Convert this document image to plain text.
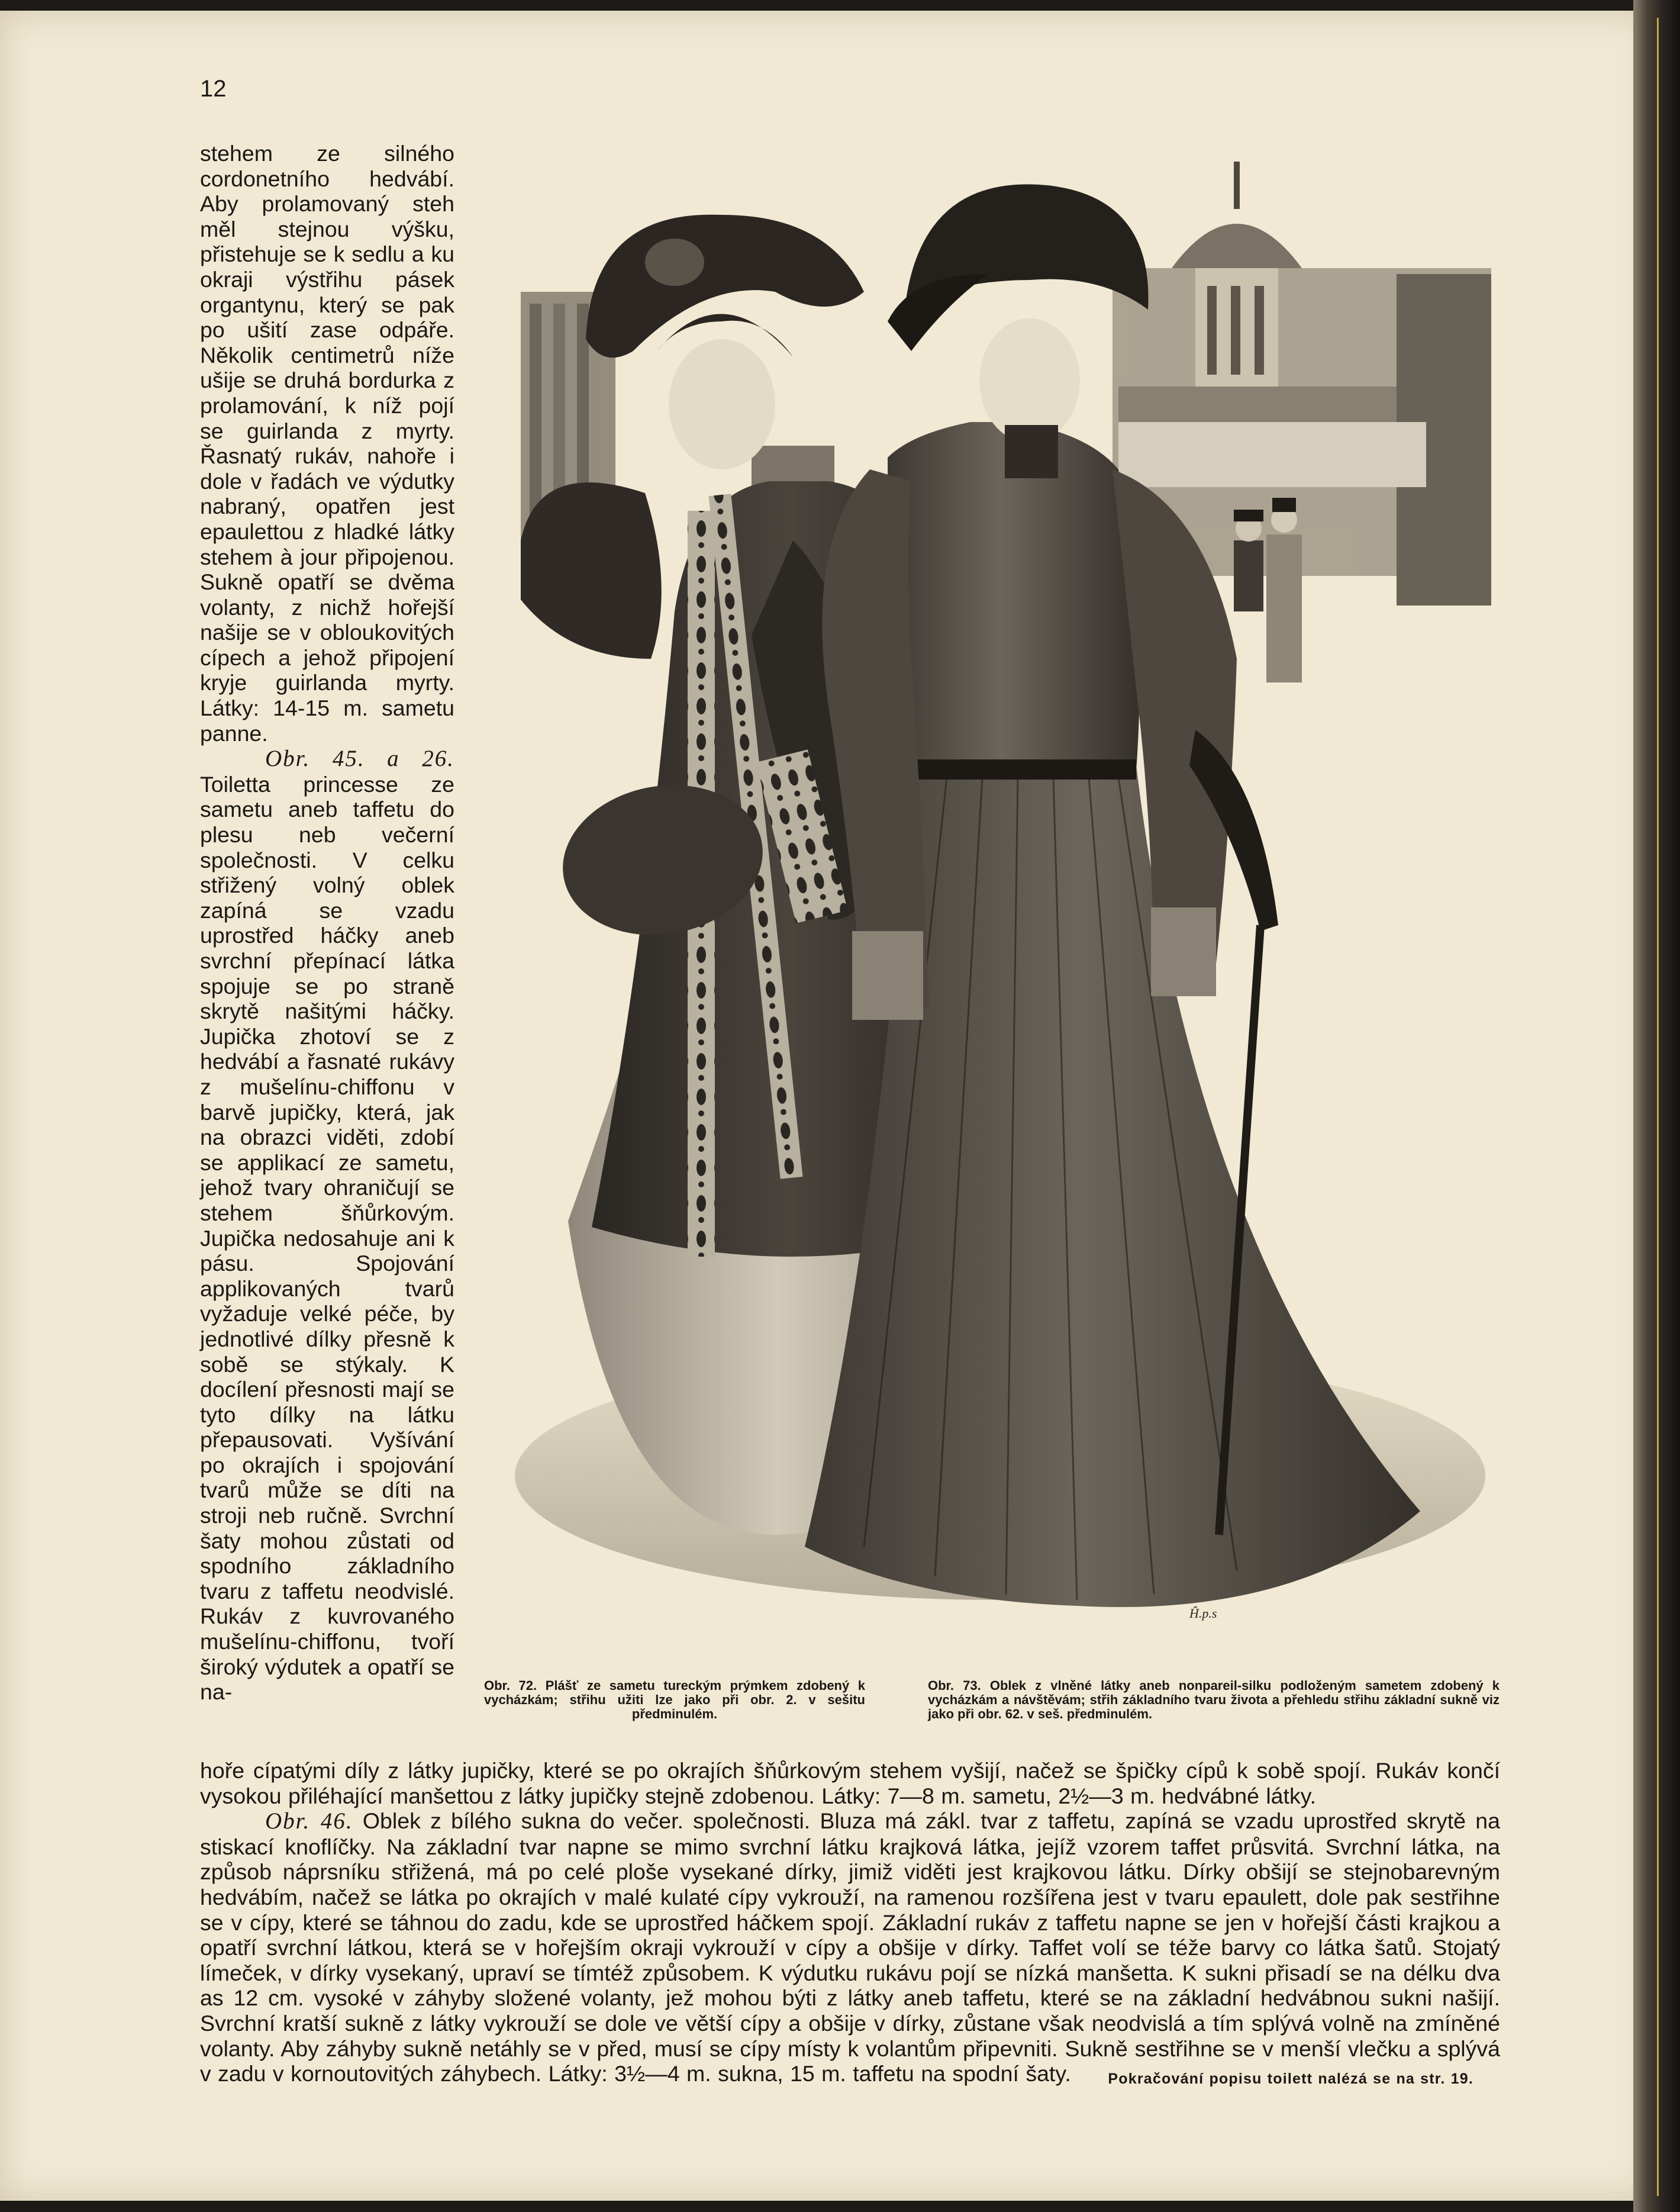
12

stehem ze silného cordonetního hedvábí. Aby prolamovaný steh měl stejnou výšku, přistehuje se k sedlu a ku okraji výstřihu pásek organtynu, který se pak po ušití zase odpáře. Několik centimetrů níže ušije se druhá bordurka z prolamování, k níž pojí se guirlanda z myrty. Řasnatý rukáv, nahoře i dole v řadách ve výdutky nabraný, opatřen jest epaulettou z hladké látky stehem à jour připojenou. Sukně opatří se dvěma volanty, z nichž hořejší našije se v obloukovitých cípech a jehož připojení kryje guirlanda myrty. Látky: 14-15 m. sametu panne.

Obr. 45. a 26. Toiletta princesse ze sametu aneb taffetu do plesu neb večerní společnosti. V celku střižený volný oblek zapíná se vzadu uprostřed háčky aneb svrchní přepínací látka spojuje se po straně skrytě našitými háčky. Jupička zhotoví se z hedvábí a řasnaté rukávy z mušelínu-chiffonu v barvě jupičky, která, jak na obrazci viděti, zdobí se applikací ze sametu, jehož tvary ohraničují se stehem šňůrkovým. Jupička nedosahuje ani k pásu. Spojování applikovaných tvarů vyžaduje velké péče, by jednotlivé dílky přesně k sobě se stýkaly. K docílení přesnosti mají se tyto dílky na látku přepausovati. Vyšívání po okrajích i spojování tvarů může se díti na stroji neb ručně. Svrchní šaty mohou zůstati od spodního základního tvaru z taffetu neodvislé. Rukáv z kuvrovaného mušelínu-chiffonu, tvoří široký výdutek a opatří se na-

Ĥ.p.s
Obr. 72. Plášť ze sametu tureckým prýmkem zdobený k vycházkám; střihu užiti lze jako při obr. 2. v sešitu předminulém.
Obr. 73. Oblek z vlněné látky aneb nonpareil-silku podloženým sametem zdobený k vycházkám a návštěvám; střih základního tvaru života a přehledu střihu základní sukně viz jako při obr. 62. v seš. předminulém.

hoře cípatými díly z látky jupičky, které se po okrajích šňůrkovým stehem vyšijí, načež se špičky cípů k sobě spojí. Rukáv končí vysokou přiléhající manšettou z látky jupičky stejně zdobenou. Látky: 7—8 m. sametu, 2½—3 m. hedvábné látky.

Obr. 46. Oblek z bílého sukna do večer. společnosti. Bluza má zákl. tvar z taffetu, zapíná se vzadu uprostřed skrytě na stiskací knoflíčky. Na základní tvar napne se mimo svrchní látku krajková látka, jejíž vzorem taffet průsvitá. Svrchní látka, na způsob náprsníku střižená, má po celé ploše vysekané dírky, jimiž viděti jest krajkovou látku. Dírky obšijí se stejnobarevným hedvábím, načež se látka po okrajích v malé kulaté cípy vykrouží, na ramenou rozšířena jest v tvaru epaulett, dole pak sestřihne se v cípy, které se táhnou do zadu, kde se uprostřed háčkem spojí. Základní rukáv z taffetu napne se jen v hořejší části krajkou a opatří svrchní látkou, která se v hořejším okraji vykrouží v cípy a obšije v dírky. Taffet volí se téže barvy co látka šatů. Stojatý límeček, v dírky vysekaný, upraví se tímtéž způsobem. K výdutku rukávu pojí se nízká manšetta. K sukni přisadí se na délku dva as 12 cm. vysoké v záhyby složené volanty, jež mohou býti z látky aneb taffetu, které se na základní hedvábnou sukni našijí. Svrchní kratší sukně z látky vykrouží se dole ve větší cípy a obšije v dírky, zůstane však neodvislá a tím splývá volně na zmíněné volanty. Aby záhyby sukně netáhly se v před, musí se cípy místy k volantům připevniti. Sukně sestřihne se v menší vlečku a splývá v zadu v kornoutovitých záhybech. Látky: 3½—4 m. sukna, 15 m. taffetu na spodní šaty.	Pokračování popisu toilett nalézá se na str. 19.
